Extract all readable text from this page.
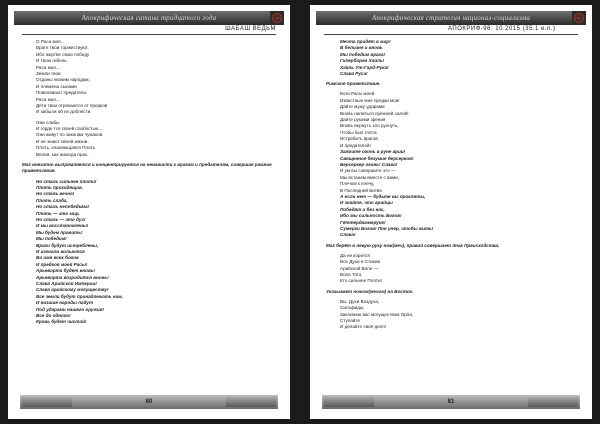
Апокрифическая сатана тридцатого года
ШАБАШ ВЕДЬМ

О Раса моя...

Врагн твои торжествуют,

Ибо жертве свою победу

И твою гибель.

Раса моя...

Земли твои

Отданы низким народам,

И племена сынами

Повелевают предатели.

Раса моя...

Дети твои отрекаются от предков

И забыли об их доблести.

Они слабы

И горде тся своей слабостью...

Они живут по законам чужаков

И не знают своей жизни.

Плоть, кланяющаяся Плоть

Вялая, как никогда прах.

Маг внезапно выпрямляется и концентрируется на ненависти к врагам и предателям, совершая ржание приветствие.

Но сталь сильнее плоти!

Плоть проходящая,

Но сталь вечна!

Плоть слаба,

Но сталь непобедима!

Плоть — это мир,

Но сталь — это дух!

И мы восстановлены!

Мы будем править!

Мы победим!

Враги будут истреблены,

И изгнали вольются

Во имя всех богов

И предков моей Расы!

Арьеворта будет вновь!

Арьеворта возродится вновь!

Слава Арийской Империи!

Слава арийскому могуществу!

Все земли будут принадлежать нам,

И низшие народы падут

Под ударами нашего оружия!

Все до одного!

Кровь будет чистой!

80
Апокрифическая стратегия национал-социализма
АПОКРИФ-96: 10.2015 (35.1 e.n.)

Мечта придёт в мир!

В белизне и вновь

Мы победим врага!

Гиперборея Хайль!

Хайль Ут-Гард-Рука!

Слава Руса!

Римское приветствие.

Боги Расы моей

Известные мне предки мои!

Дайте мужу ударами

Вновь напиться прежней силой!

Дайте руками зрения

Вновь вернуть зло рухнуть,

Чтобы был счёта

Истребить врагов

И предателей!

Зажгите огонь в руне арии!

Священное безумие берсерков!

Берсеркер огонь! Слава!

И ум вы совершите это —

Мы встанем вместе с вами,

Плечом к плечу,

В Последней Битве.

А если нет — будьте вы прокляты,

И знайте, что арийцы

Победят и без нас,

Ибо мы сильность Богов!

Гёттердаммерунг!

Сумерки Богов! Пон унер, чтобы жить!

Слава!

Маг берёт в левую руку нож(меч), правой совершает Знак Преисходства.

Да не корится

Все Духи и Стихии

Арийской Воле —

Воле Того,

Кто сильнее Плоти!

Указывает ножом(мечом) на Восток.

Вы, Духи Воздуха,

Сильфиды,

Заклинаю вас могуществом Орла,

Ступайте

И делайте своё дело!

81
